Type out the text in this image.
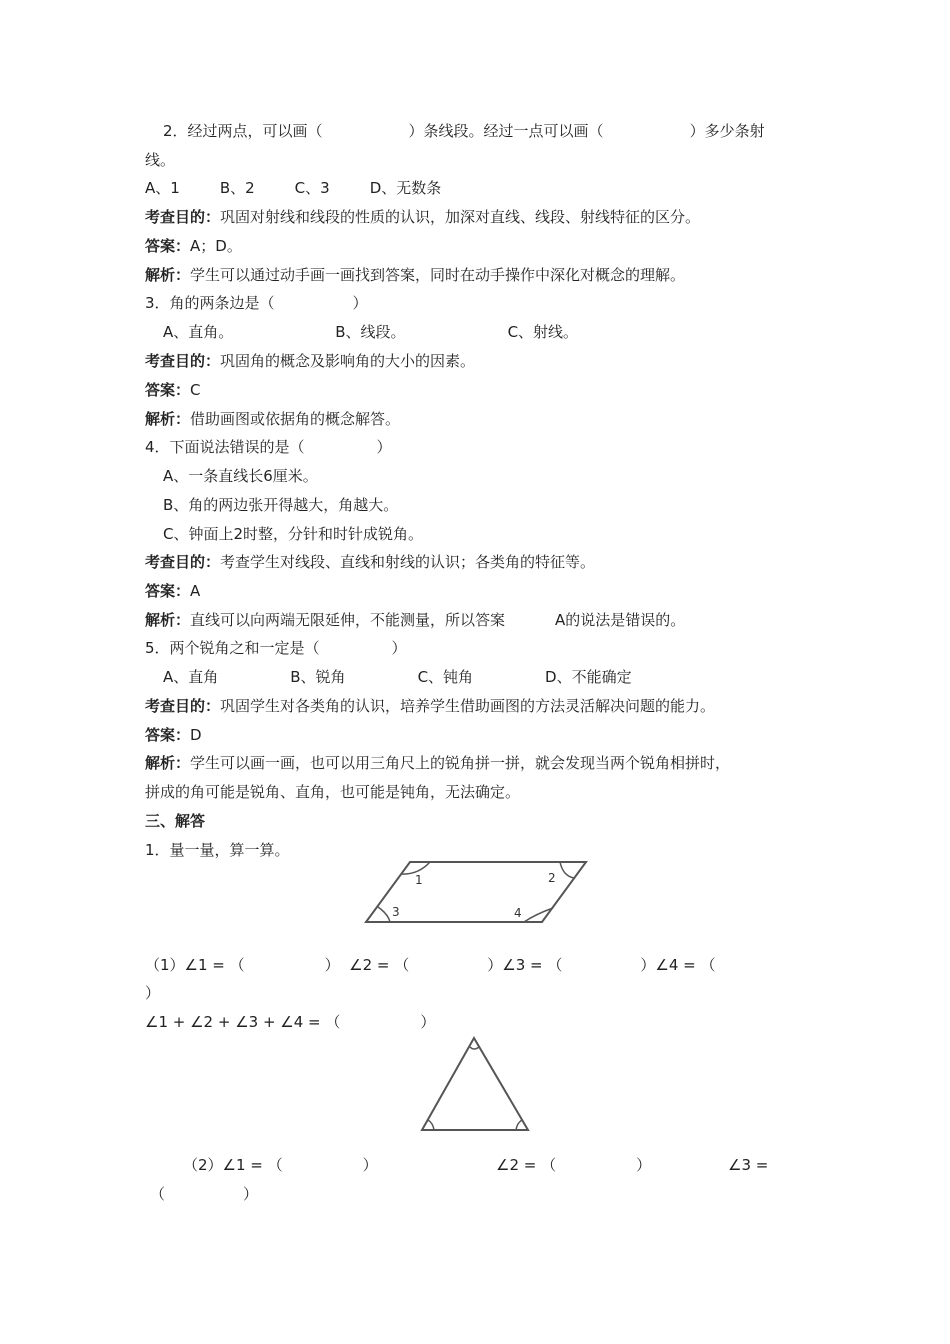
2．经过两点，可以画（	）条线段。经过一点可以画（	）多少条射
线。
A、1	B、2	C、3	D、无数条
考查目的：巩固对射线和线段的性质的认识，加深对直线、线段、射线特征的区分。
答案：A；D。
解析：学生可以通过动手画一画找到答案，同时在动手操作中深化对概念的理解。
3．角的两条边是（	）
A、直角。	B、线段。	C、射线。
考查目的：巩固角的概念及影响角的大小的因素。
答案：C
解析：借助画图或依据角的概念解答。
4．下面说法错误的是（	）
A、一条直线长6厘米。
B、角的两边张开得越大，角越大。
C、钟面上2时整，分针和时针成锐角。
考查目的：考查学生对线段、直线和射线的认识；各类角的特征等。
答案：A
解析：直线可以向两端无限延伸，不能测量，所以答案	A的说法是错误的。
5．两个锐角之和一定是（	）
A、直角	B、锐角	C、钝角	D、不能确定
考查目的：巩固学生对各类角的认识，培养学生借助画图的方法灵活解决问题的能力。
答案：D
解析：学生可以画一画，也可以用三角尺上的锐角拼一拼，就会发现当两个锐角相拼时，
拼成的角可能是锐角、直角，也可能是钝角，无法确定。
三、解答
1．量一量，算一算。
1	2
3	4
（1）∠1 = （	）  ∠2 = （	）∠3 = （	）∠4 = （
）
∠1 + ∠2 + ∠3 + ∠4 = （	）
（2）∠1 = （	）	∠2 = （	）	∠3 =
（	）
